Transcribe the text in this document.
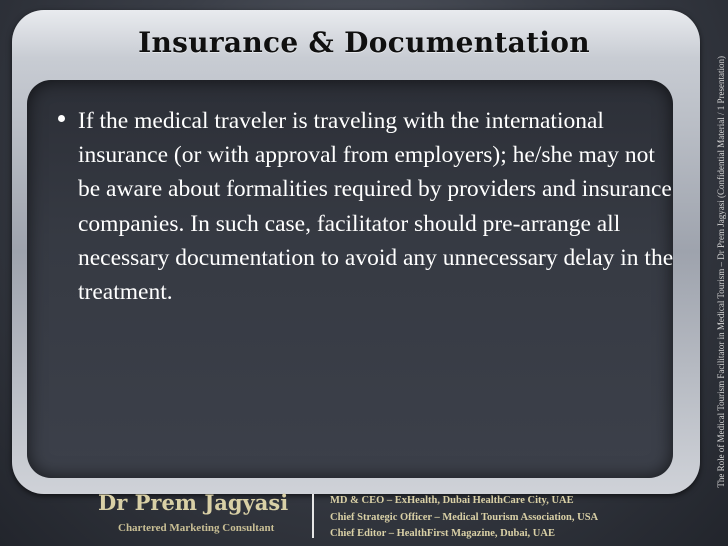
Insurance & Documentation
If the medical traveler is traveling with the international insurance (or with approval from employers); he/she may not be aware about formalities required by providers and insurance companies. In such case, facilitator should pre-arrange all necessary documentation to avoid any unnecessary delay in the treatment.	The Role of Medical Tourism Facilitator in Medical Tourism – Dr Prem Jagyasi (Confidential Material / 1 Presentation)
Dr Prem Jagyasi
Chartered Marketing Consultant
MD & CEO – ExHealth, Dubai HealthCare City, UAE
Chief Strategic Officer – Medical Tourism Association, USA
Chief Editor – HealthFirst Magazine, Dubai, UAE
